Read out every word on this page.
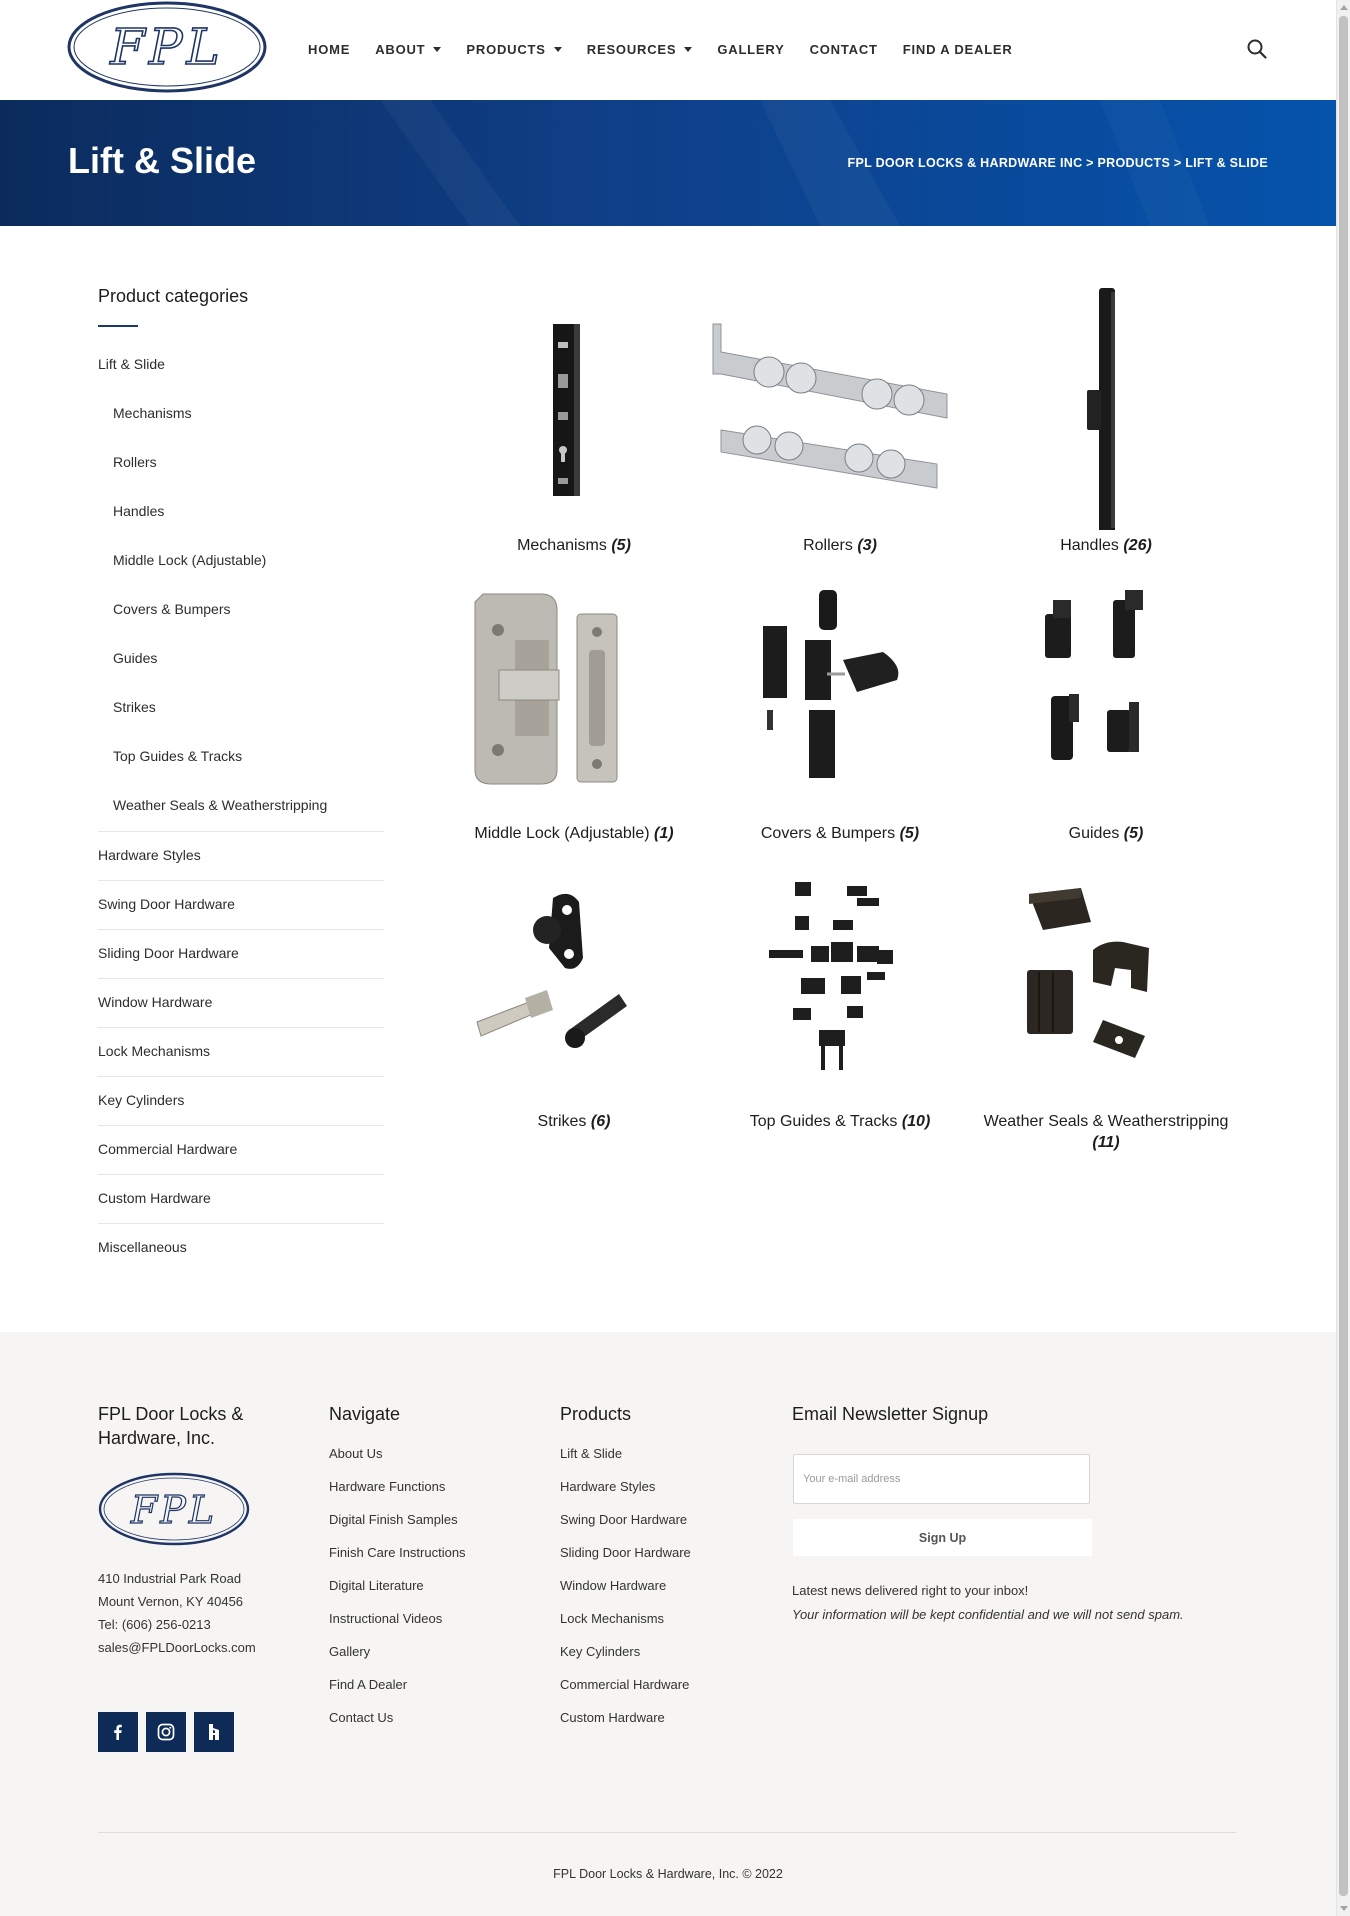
FPL	HOME ABOUT	PRODUCTS	RESOURCES	GALLERY CONTACT FIND A DEALER
Lift & Slide	FPL DOOR LOCKS & HARDWARE INC > PRODUCTS > LIFT & SLIDE
Product categories
Lift & Slide
Mechanisms
Rollers
Handles
Middle Lock (Adjustable)
Covers & Bumpers
Guides
Strikes
Top Guides & Tracks
Weather Seals & Weatherstripping
Hardware Styles
Swing Door Hardware
Sliding Door Hardware
Window Hardware
Lock Mechanisms
Key Cylinders
Commercial Hardware
Custom Hardware
Miscellaneous
Mechanisms (5)	Rollers (3)	Handles (26)
Middle Lock (Adjustable) (1)	Covers & Bumpers (5)	Guides (5)
Strikes (6)	Top Guides & Tracks (10)	Weather Seals & Weatherstripping (11)
FPL Door Locks & Hardware, Inc.
FPL
410 Industrial Park Road
Mount Vernon, KY 40456
Tel: (606) 256-0213
sales@FPLDoorLocks.com
Navigate
About Us
Hardware Functions
Digital Finish Samples
Finish Care Instructions
Digital Literature
Instructional Videos
Gallery
Find A Dealer
Contact Us
Products
Lift & Slide
Hardware Styles
Swing Door Hardware
Sliding Door Hardware
Window Hardware
Lock Mechanisms
Key Cylinders
Commercial Hardware
Custom Hardware
Email Newsletter Signup
Your e-mail address
Sign Up
Latest news delivered right to your inbox!
Your information will be kept confidential and we will not send spam.
FPL Door Locks & Hardware, Inc. © 2022
